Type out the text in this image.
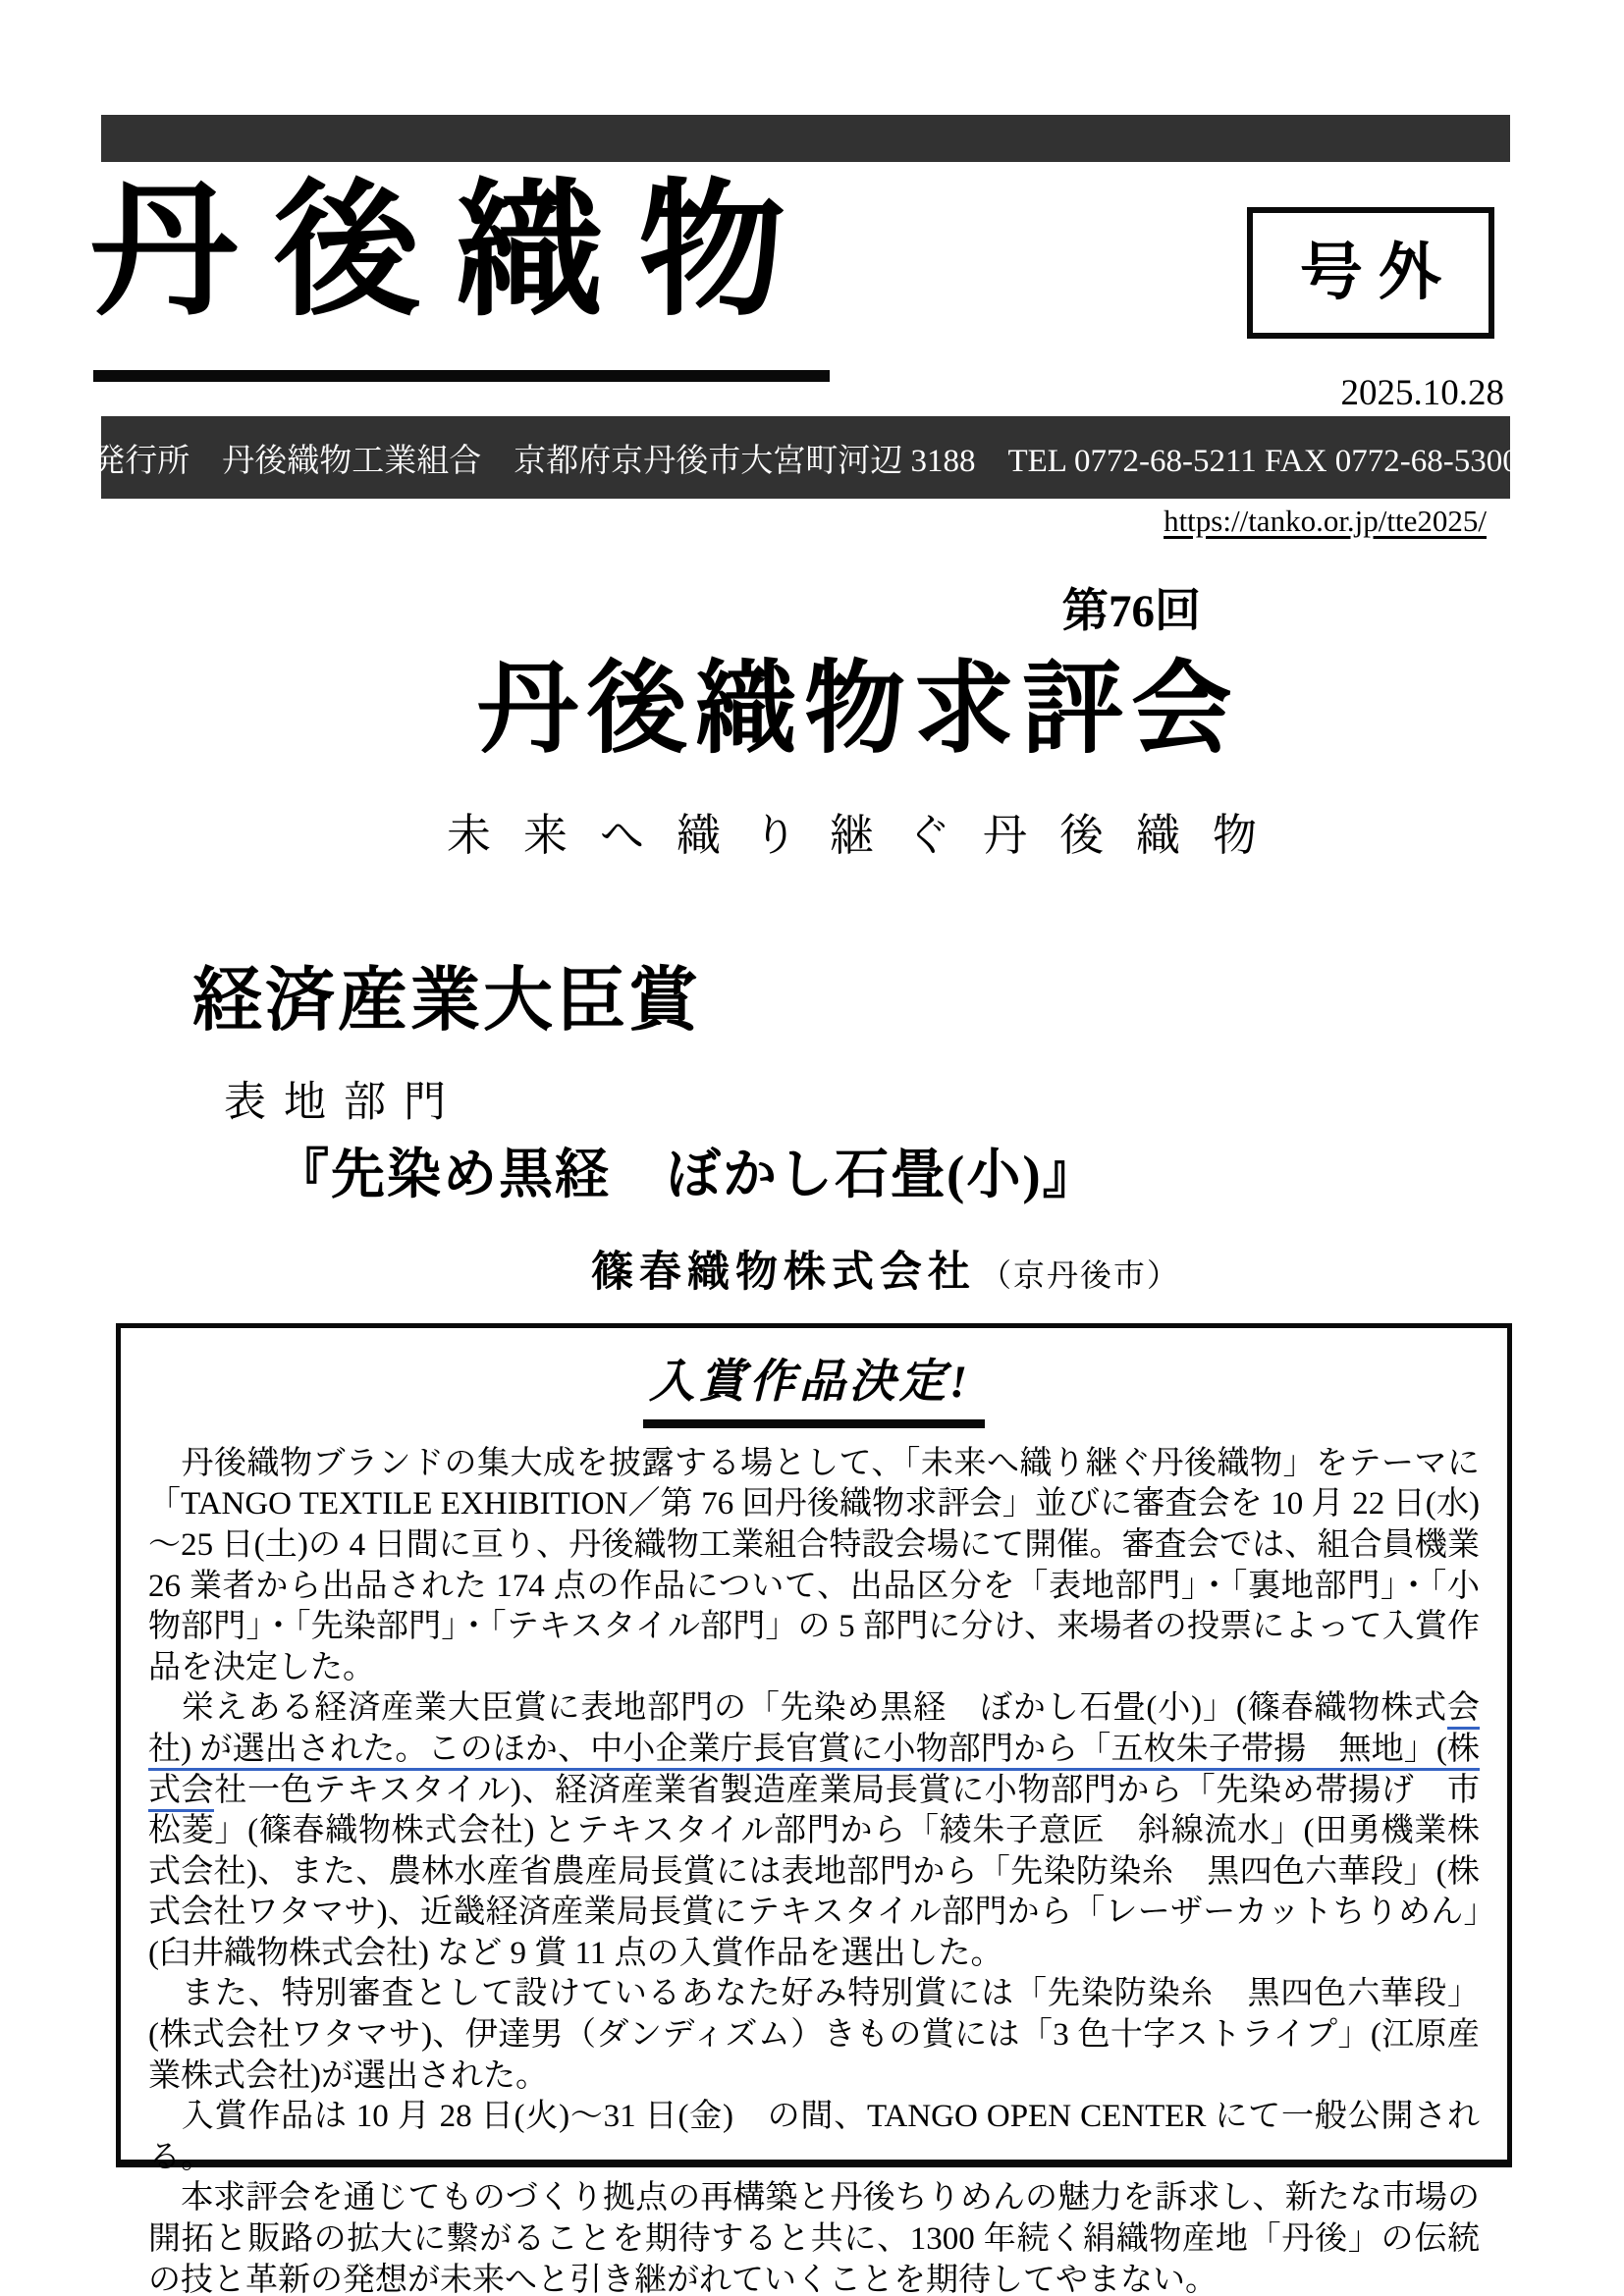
丹後織物	号 外
2025.10.28
発行所　丹後織物工業組合　京都府京丹後市大宮町河辺 3188　TEL 0772-68-5211 FAX 0772-68-5300
https://tanko.or.jp/tte2025/
第76回
丹後織物求評会
未来へ織り継ぐ丹後織物
経済産業大臣賞
表地部門
『先染め黒経　ぼかし石畳(小)』
篠春織物株式会社 （京丹後市）
入賞作品決定!

　丹後織物ブランドの集大成を披露する場として、「未来へ織り継ぐ丹後織物」をテーマに「TANGO TEXTILE EXHIBITION／第 76 回丹後織物求評会」並びに審査会を 10 月 22 日(水)～25 日(土)の 4 日間に亘り、丹後織物工業組合特設会場にて開催。審査会では、組合員機業 26 業者から出品された 174 点の作品について、出品区分を「表地部門」・「裏地部門」・「小物部門」・「先染部門」・「テキスタイル部門」の 5 部門に分け、来場者の投票によって入賞作品を決定した。

　栄えある経済産業大臣賞に表地部門の「先染め黒経　ぼかし石畳(小)」(篠春織物株式会社) が選出された。このほか、中小企業庁長官賞に小物部門から「五枚朱子帯揚　無地」(株式会社一色テキスタイル)、経済産業省製造産業局長賞に小物部門から「先染め帯揚げ　市松菱」(篠春織物株式会社) とテキスタイル部門から「綾朱子意匠　斜線流水」(田勇機業株式会社)、また、農林水産省農産局長賞には表地部門から「先染防染糸　黒四色六華段」(株式会社ワタマサ)、近畿経済産業局長賞にテキスタイル部門から「レーザーカットちりめん」(臼井織物株式会社) など 9 賞 11 点の入賞作品を選出した。

　また、特別審査として設けているあなた好み特別賞には「先染防染糸　黒四色六華段」(株式会社ワタマサ)、伊達男（ダンディズム）きもの賞には「3 色十字ストライプ」(江原産業株式会社)が選出された。

　入賞作品は 10 月 28 日(火)～31 日(金)　の間、TANGO OPEN CENTER にて一般公開される。

　本求評会を通じてものづくり拠点の再構築と丹後ちりめんの魅力を訴求し、新たな市場の開拓と販路の拡大に繋がることを期待すると共に、1300 年続く絹織物産地「丹後」の伝統の技と革新の発想が未来へと引き継がれていくことを期待してやまない。
